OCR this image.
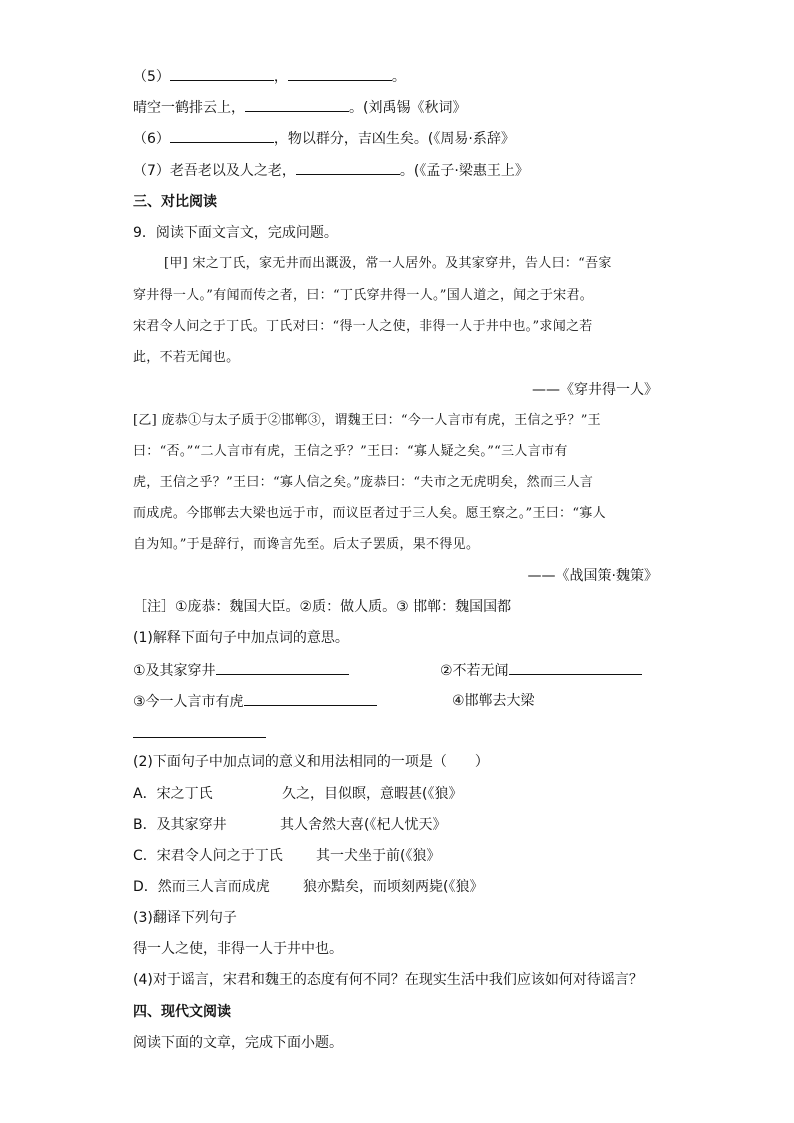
（5）	，	。
晴空一鹤排云上，	。(刘禹锡《秋词》
（6）	，物以群分，吉凶生矣。(《周易·系辞》
（7）老吾老以及人之老，	。(《孟子·梁惠王上》
三、对比阅读
9．阅读下面文言文，完成问题。
[甲] 宋之丁氏，家无井而出溉汲，常一人居外。及其家穿井，告人曰：“吾家
穿井得一人。”有闻而传之者，曰：“丁氏穿井得一人。”国人道之，闻之于宋君。
宋君令人问之于丁氏。丁氏对曰：“得一人之使，非得一人于井中也。”求闻之若
此，不若无闻也。
——《穿井得一人》
[乙] 庞恭①与太子质于②邯郸③，谓魏王曰：“今一人言市有虎，王信之乎？”王
曰：“否。”“二人言市有虎，王信之乎？”王曰：“寡人疑之矣。”“三人言市有
虎，王信之乎？”王曰：“寡人信之矣。”庞恭曰：“夫市之无虎明矣，然而三人言
而成虎。今邯郸去大梁也远于市，而议臣者过于三人矣。愿王察之。”王曰：“寡人
自为知。”于是辞行，而谗言先至。后太子罢质，果不得见。
——《战国策·魏策》
［注］①庞恭：魏国大臣。②质：做人质。③ 邯郸：魏国国都
(1)解释下面句子中加点词的意思。
①及其家穿井	②不若无闻
③今一人言市有虎	④邯郸去大梁
(2)下面句子中加点词的意义和用法相同的一项是（　　）
A．宋之丁氏	久之，目似瞑，意暇甚(《狼》
B．及其家穿井	其人舍然大喜(《杞人忧天》
C．宋君令人问之于丁氏 其一犬坐于前(《狼》
D．然而三人言而成虎 狼亦黠矣，而顷刻两毙(《狼》
(3)翻译下列句子
得一人之使，非得一人于井中也。
(4)对于谣言，宋君和魏王的态度有何不同？在现实生活中我们应该如何对待谣言？
四、现代文阅读
阅读下面的文章，完成下面小题。
